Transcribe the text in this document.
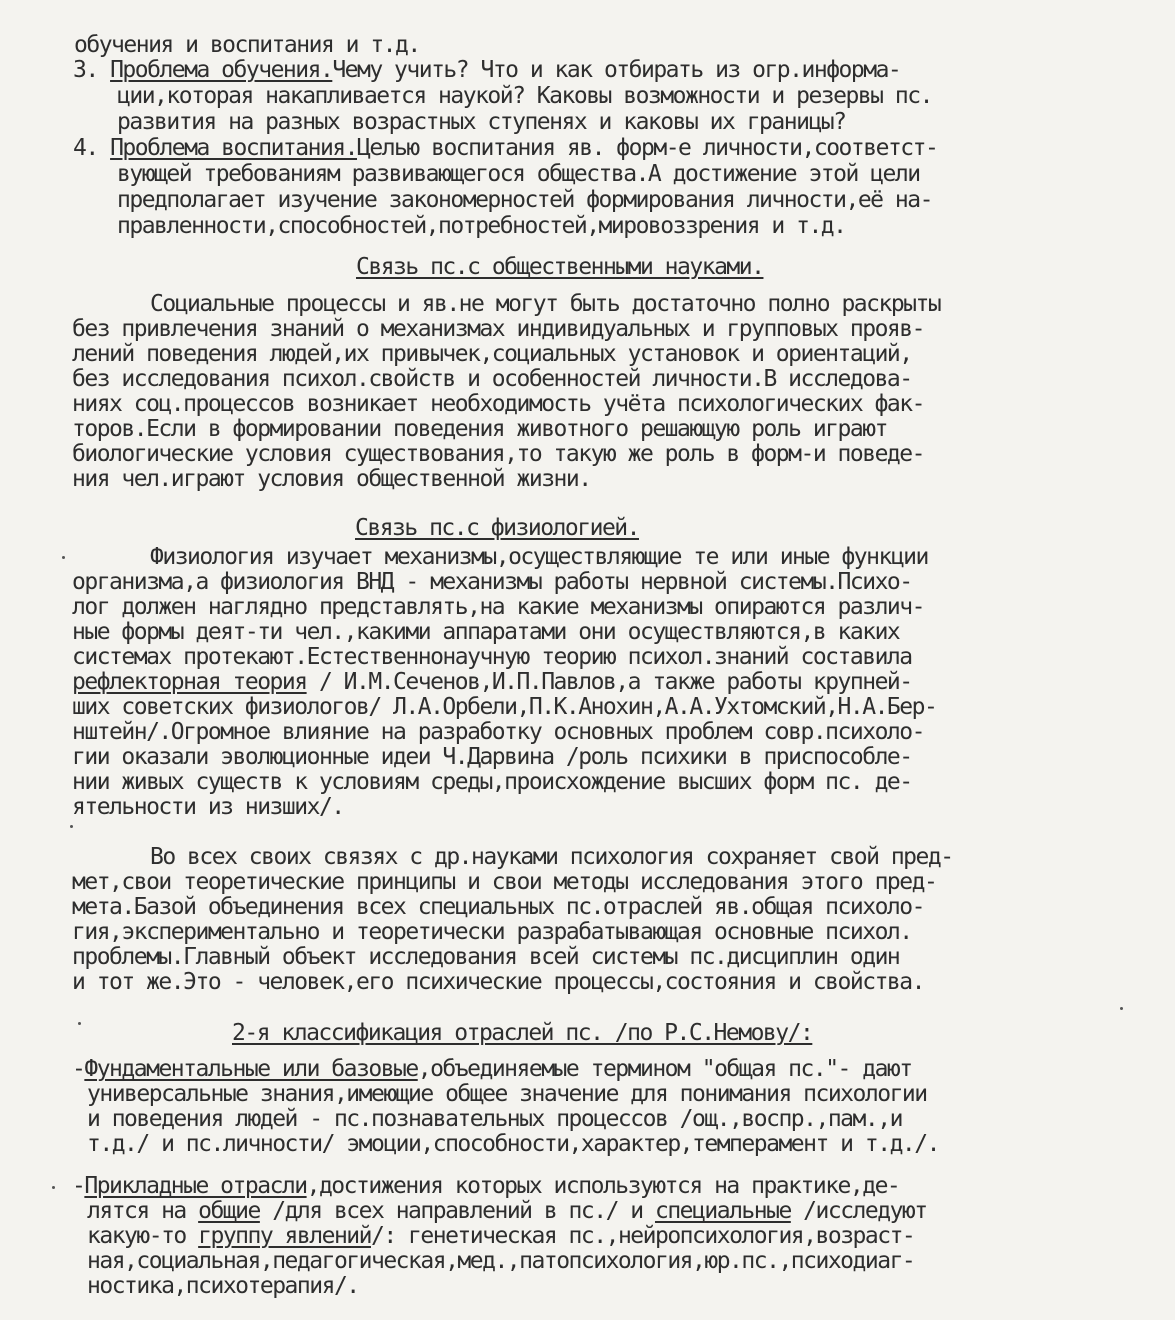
обучения и воспитания и т.д.
3. Проблема обучения.Чему учить? Что и как отбирать из огр.информа-
ции,которая накапливается наукой? Каковы возможности и резервы пс.
развития на разных возрастных ступенях и каковы их границы?
4. Проблема воспитания.Целью воспитания яв. форм-е личности,соответст-
вующей требованиям развивающегося общества.А достижение этой цели
предполагает изучение закономерностей формирования личности,её на-
правленности,способностей,потребностей,мировоззрения и т.д.
Связь пс.с общественными науками.
Социальные процессы и яв.не могут быть достаточно полно раскрыты
без привлечения знаний о механизмах индивидуальных и групповых прояв-
лений поведения людей,их привычек,социальных установок и ориентаций,
без исследования психол.свойств и особенностей личности.В исследова-
ниях соц.процессов возникает необходимость учёта психологических фак-
торов.Если в формировании поведения животного решающую роль играют
биологические условия существования,то такую же роль в форм-и поведе-
ния чел.играют условия общественной жизни.
Связь пс.с физиологией.
Физиология изучает механизмы,осуществляющие те или иные функции
организма,а физиология ВНД - механизмы работы нервной системы.Психо-
лог должен наглядно представлять,на какие механизмы опираются различ-
ные формы деят-ти чел.,какими аппаратами они осуществляются,в каких
системах протекают.Естественнонаучную теорию психол.знаний составила
рефлекторная теория / И.М.Сеченов,И.П.Павлов,а также работы крупней-
ших советских физиологов/ Л.А.Орбели,П.К.Анохин,А.А.Ухтомский,Н.А.Бер-
нштейн/.Огромное влияние на разработку основных проблем совр.психоло-
гии оказали эволюционные идеи Ч.Дарвина /роль психики в приспособле-
нии живых существ к условиям среды,происхождение высших форм пс. де-
ятельности из низших/.
Во всех своих связях с др.науками психология сохраняет свой пред-
мет,свои теоретические принципы и свои методы исследования этого пред-
мета.Базой объединения всех специальных пс.отраслей яв.общая психоло-
гия,экспериментально и теоретически разрабатывающая основные психол.
проблемы.Главный объект исследования всей системы пс.дисциплин один
и тот же.Это - человек,его психические процессы,состояния и свойства.
2-я классификация отраслей пс. /по Р.С.Немову/:
-Фундаментальные или базовые,объединяемые термином "общая пс."- дают
универсальные знания,имеющие общее значение для понимания психологии
и поведения людей - пс.познавательных процессов /ощ.,воспр.,пам.,и
т.д./ и пс.личности/ эмоции,способности,характер,темперамент и т.д./.
-Прикладные отрасли,достижения которых используются на практике,де-
лятся на общие /для всех направлений в пс./ и специальные /исследуют
какую-то группу явлений/: генетическая пс.,нейропсихология,возраст-
ная,социальная,педагогическая,мед.,патопсихология,юр.пс.,психодиаг-
ностика,психотерапия/.
